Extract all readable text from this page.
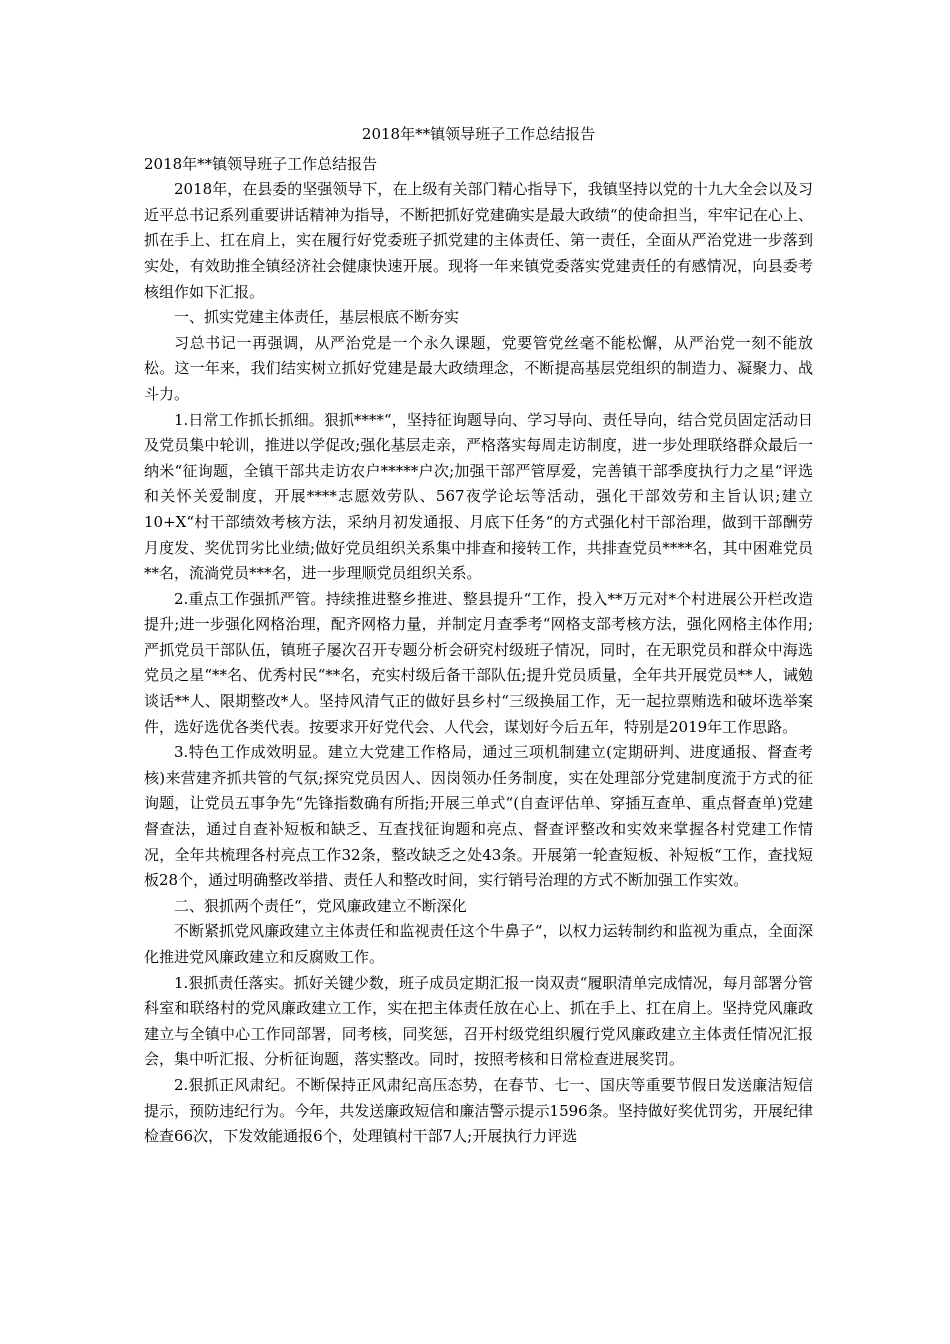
2018年**镇领导班子工作总结报告

2018年**镇领导班子工作总结报告

2018年，在县委的坚强领导下，在上级有关部门精心指导下，我镇坚持以党的十九大全会以及习近平总书记系列重要讲话精神为指导，不断把抓好党建确实是最大政绩“的使命担当，牢牢记在心上、抓在手上、扛在肩上，实在履行好党委班子抓党建的主体责任、第一责任，全面从严治党进一步落到实处，有效助推全镇经济社会健康快速开展。现将一年来镇党委落实党建责任的有感情况，向县委考核组作如下汇报。

一、抓实党建主体责任，基层根底不断夯实

习总书记一再强调，从严治党是一个永久课题，党要管党丝毫不能松懈，从严治党一刻不能放松。这一年来，我们结实树立抓好党建是最大政绩理念，不断提高基层党组织的制造力、凝聚力、战斗力。

1.日常工作抓长抓细。狠抓****“，坚持征询题导向、学习导向、责任导向，结合党员固定活动日及党员集中轮训，推进以学促改;强化基层走亲，严格落实每周走访制度，进一步处理联络群众最后一纳米“征询题，全镇干部共走访农户*****户次;加强干部严管厚爱，完善镇干部季度执行力之星“评选和关怀关爱制度，开展****志愿效劳队、567夜学论坛等活动，强化干部效劳和主旨认识;建立10+X“村干部绩效考核方法，采纳月初发通报、月底下任务“的方式强化村干部治理，做到干部酬劳月度发、奖优罚劣比业绩;做好党员组织关系集中排查和接转工作，共排查党员****名，其中困难党员**名，流淌党员***名，进一步理顺党员组织关系。

2.重点工作强抓严管。持续推进整乡推进、整县提升“工作，投入**万元对*个村进展公开栏改造提升;进一步强化网格治理，配齐网格力量，并制定月查季考“网格支部考核方法，强化网格主体作用;严抓党员干部队伍，镇班子屡次召开专题分析会研究村级班子情况，同时，在无职党员和群众中海选党员之星“**名、优秀村民“**名，充实村级后备干部队伍;提升党员质量，全年共开展党员**人，诫勉谈话**人、限期整改*人。坚持风清气正的做好县乡村“三级换届工作，无一起拉票贿选和破坏选举案件，选好选优各类代表。按要求开好党代会、人代会，谋划好今后五年，特别是2019年工作思路。

3.特色工作成效明显。建立大党建工作格局，通过三项机制建立(定期研判、进度通报、督查考核)来营建齐抓共管的气氛;探究党员因人、因岗领办任务制度，实在处理部分党建制度流于方式的征询题，让党员五事争先“先锋指数确有所指;开展三单式“(自查评估单、穿插互查单、重点督查单)党建督查法，通过自查补短板和缺乏、互查找征询题和亮点、督查评整改和实效来掌握各村党建工作情况，全年共梳理各村亮点工作32条，整改缺乏之处43条。开展第一轮查短板、补短板“工作，查找短板28个，通过明确整改举措、责任人和整改时间，实行销号治理的方式不断加强工作实效。

二、狠抓两个责任“，党风廉政建立不断深化

不断紧抓党风廉政建立主体责任和监视责任这个牛鼻子“，以权力运转制约和监视为重点，全面深化推进党风廉政建立和反腐败工作。

1.狠抓责任落实。抓好关键少数，班子成员定期汇报一岗双责“履职清单完成情况，每月部署分管科室和联络村的党风廉政建立工作，实在把主体责任放在心上、抓在手上、扛在肩上。坚持党风廉政建立与全镇中心工作同部署，同考核，同奖惩，召开村级党组织履行党风廉政建立主体责任情况汇报会，集中听汇报、分析征询题，落实整改。同时，按照考核和日常检查进展奖罚。

2.狠抓正风肃纪。不断保持正风肃纪高压态势，在春节、七一、国庆等重要节假日发送廉洁短信提示，预防违纪行为。今年，共发送廉政短信和廉洁警示提示1596条。坚持做好奖优罚劣，开展纪律检查66次，下发效能通报6个，处理镇村干部7人;开展执行力评选
